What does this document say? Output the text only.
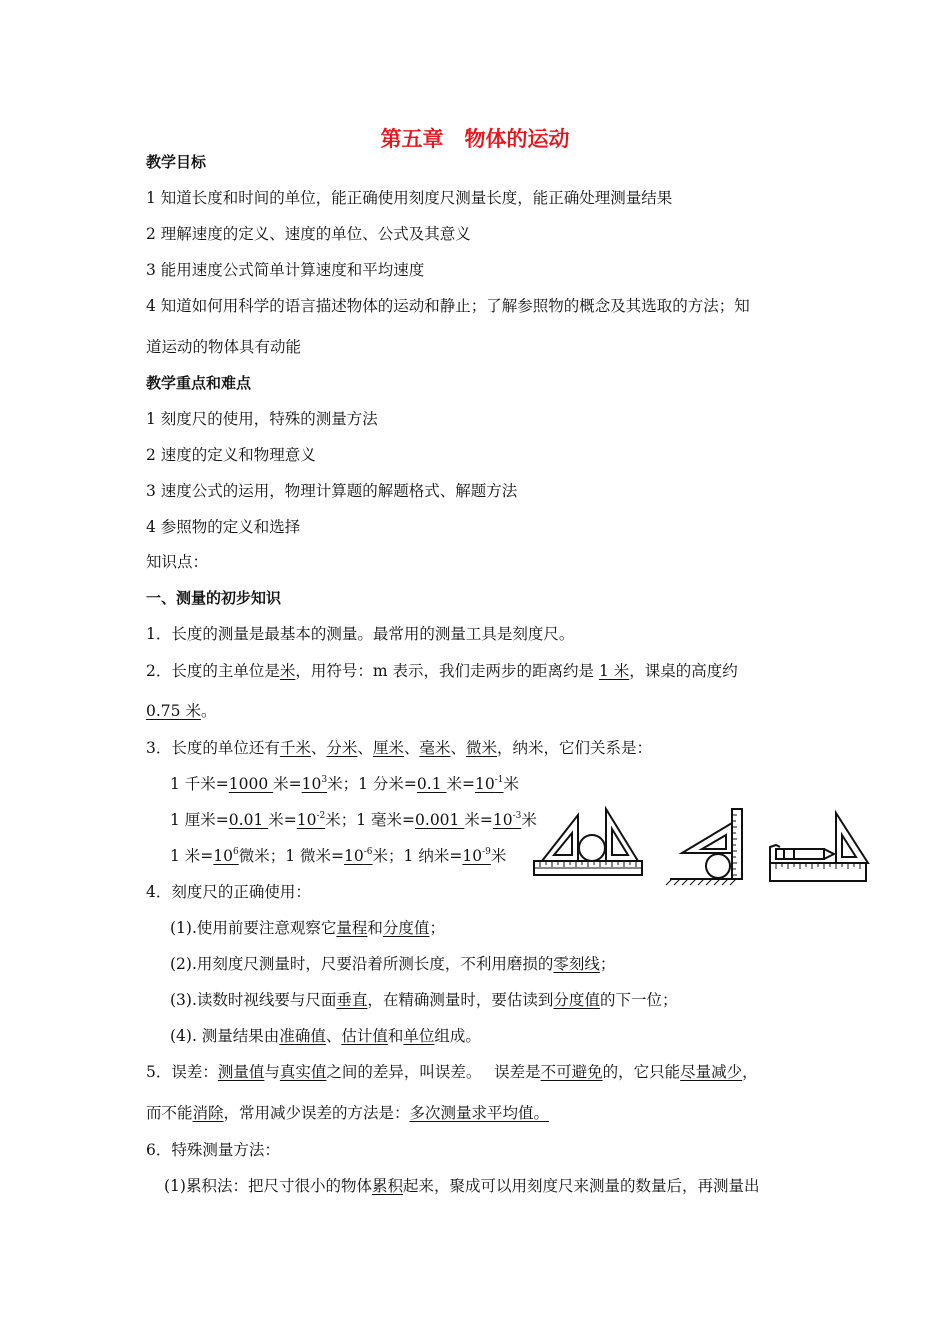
第五章　物体的运动
教学目标
1 知道长度和时间的单位，能正确使用刻度尺测量长度，能正确处理测量结果
2 理解速度的定义、速度的单位、公式及其意义
3 能用速度公式简单计算速度和平均速度
4 知道如何用科学的语言描述物体的运动和静止；了解参照物的概念及其选取的方法；知
道运动的物体具有动能
教学重点和难点
1 刻度尺的使用，特殊的测量方法
2 速度的定义和物理意义
3 速度公式的运用，物理计算题的解题格式、解题方法
4 参照物的定义和选择
知识点：
一、测量的初步知识
1．长度的测量是最基本的测量。最常用的测量工具是刻度尺。
2．长度的主单位是米，用符号：m 表示，我们走两步的距离约是 1 米，课桌的高度约
0.75 米。
3．长度的单位还有千米、分米、厘米、毫米、微米，纳米，它们关系是：
1 千米=1000 米$=10^3$米；1 分米=0.1 米$=10^{-1}$米
1 厘米=0.01 米$=10^{-2}$米；1 毫米=0.001 米$=10^{-3}$米
1 米$=10^6$微米；1 微米$=10^{-6}$米；1 纳米$=10^{-9}$米
4．刻度尺的正确使用：
(1).使用前要注意观察它量程和分度值；
(2).用刻度尺测量时，尺要沿着所测长度，不利用磨损的零刻线；
(3).读数时视线要与尺面垂直，在精确测量时，要估读到分度值的下一位；
(4). 测量结果由准确值、估计值和单位组成。
5．误差：测量值与真实值之间的差异，叫误差。　 误差是不可避免的，它只能尽量减少，
而不能消除，常用减少误差的方法是：多次测量求平均值。
6．特殊测量方法：
(1)累积法：把尺寸很小的物体累积起来，聚成可以用刻度尺来测量的数量后，再测量出
